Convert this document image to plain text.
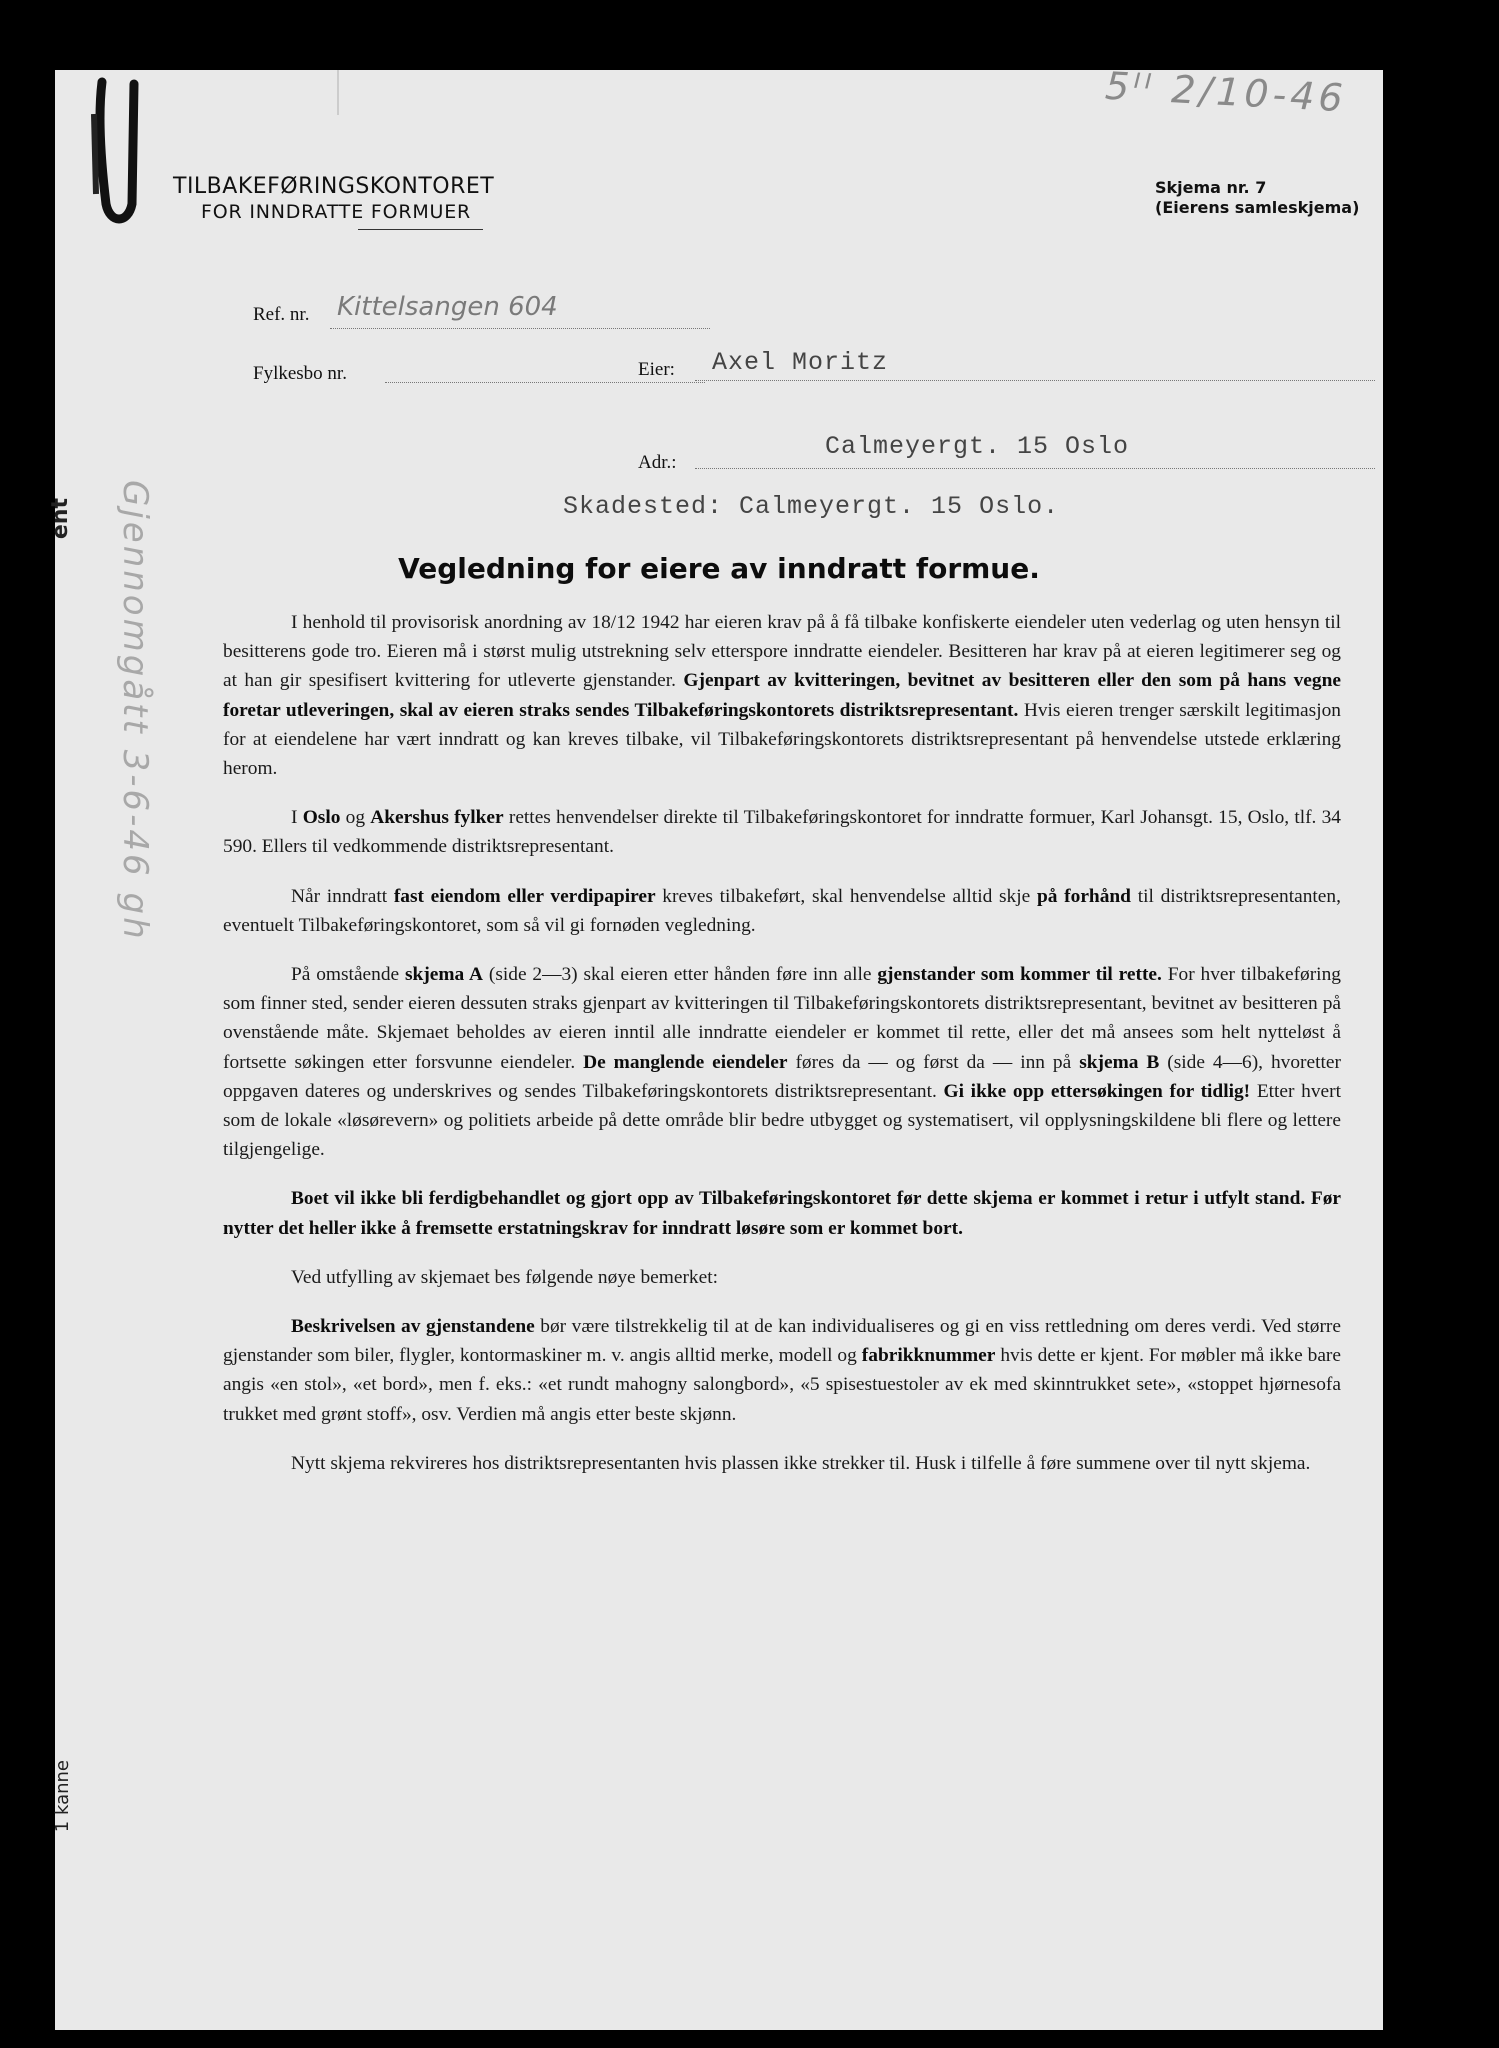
TILBAKEFØRINGSKONTORET
FOR INNDRATTE FORMUER
5ᴵᴵ 2/10-46
Skjema nr. 7
(Eierens samleskjema)
Ref. nr. Kittelsangen 604
Fylkesbo nr.	Eier: Axel Moritz
Adr.:
Calmeyergt. 15 Oslo
Skadested: Calmeyergt. 15 Oslo.
Gjennomgått 3-6-46 gh	Vegledning for eiere av inndratt formue.

I henhold til provisorisk anordning av 18/12 1942 har eieren krav på å få tilbake konfiskerte eiendeler uten vederlag og uten hensyn til besitterens gode tro. Eieren må i størst mulig utstrekning selv etterspore inndratte eiendeler. Besitteren har krav på at eieren legitimerer seg og at han gir spesifisert kvittering for utleverte gjenstander. Gjenpart av kvitteringen, bevitnet av besitteren eller den som på hans vegne foretar utleveringen, skal av eieren straks sendes Tilbakeføringskontorets distriktsrepresentant. Hvis eieren trenger særskilt legitimasjon for at eiendelene har vært inndratt og kan kreves tilbake, vil Tilbakeføringskontorets distriktsrepresentant på henvendelse utstede erklæring herom.

I Oslo og Akershus fylker rettes henvendelser direkte til Tilbakeføringskontoret for inndratte formuer, Karl Johansgt. 15, Oslo, tlf. 34 590. Ellers til vedkommende distriktsrepresentant.

Når inndratt fast eiendom eller verdipapirer kreves tilbakeført, skal henvendelse alltid skje på forhånd til distriktsrepresentanten, eventuelt Tilbakeføringskontoret, som så vil gi fornøden vegledning.

På omstående skjema A (side 2—3) skal eieren etter hånden føre inn alle gjenstander som kommer til rette. For hver tilbakeføring som finner sted, sender eieren dessuten straks gjenpart av kvitteringen til Tilbakeføringskontorets distriktsrepresentant, bevitnet av besitteren på ovenstående måte. Skjemaet beholdes av eieren inntil alle inndratte eiendeler er kommet til rette, eller det må ansees som helt nytteløst å fortsette søkingen etter forsvunne eiendeler. De manglende eiendeler føres da — og først da — inn på skjema B (side 4—6), hvoretter oppgaven dateres og underskrives og sendes Tilbakeføringskontorets distriktsrepresentant. Gi ikke opp ettersøkingen for tidlig! Etter hvert som de lokale «løsørevern» og politiets arbeide på dette område blir bedre utbygget og systematisert, vil opplysningskildene bli flere og lettere tilgjengelige.

Boet vil ikke bli ferdigbehandlet og gjort opp av Tilbakeføringskontoret før dette skjema er kommet i retur i utfylt stand. Før nytter det heller ikke å fremsette erstatningskrav for inndratt løsøre som er kommet bort.

Ved utfylling av skjemaet bes følgende nøye bemerket:

Beskrivelsen av gjenstandene bør være tilstrekkelig til at de kan individualiseres og gi en viss rettledning om deres verdi. Ved større gjenstander som biler, flygler, kontormaskiner m. v. angis alltid merke, modell og fabrikknummer hvis dette er kjent. For møbler må ikke bare angis «en stol», «et bord», men f. eks.: «et rundt mahogny salongbord», «5 spisestuestoler av ek med skinntrukket sete», «stoppet hjørnesofa trukket med grønt stoff», osv. Verdien må angis etter beste skjønn.

Nytt skjema rekvireres hos distriktsrepresentanten hvis plassen ikke strekker til. Husk i tilfelle å føre summene over til nytt skjema.

ent
1 kanne
